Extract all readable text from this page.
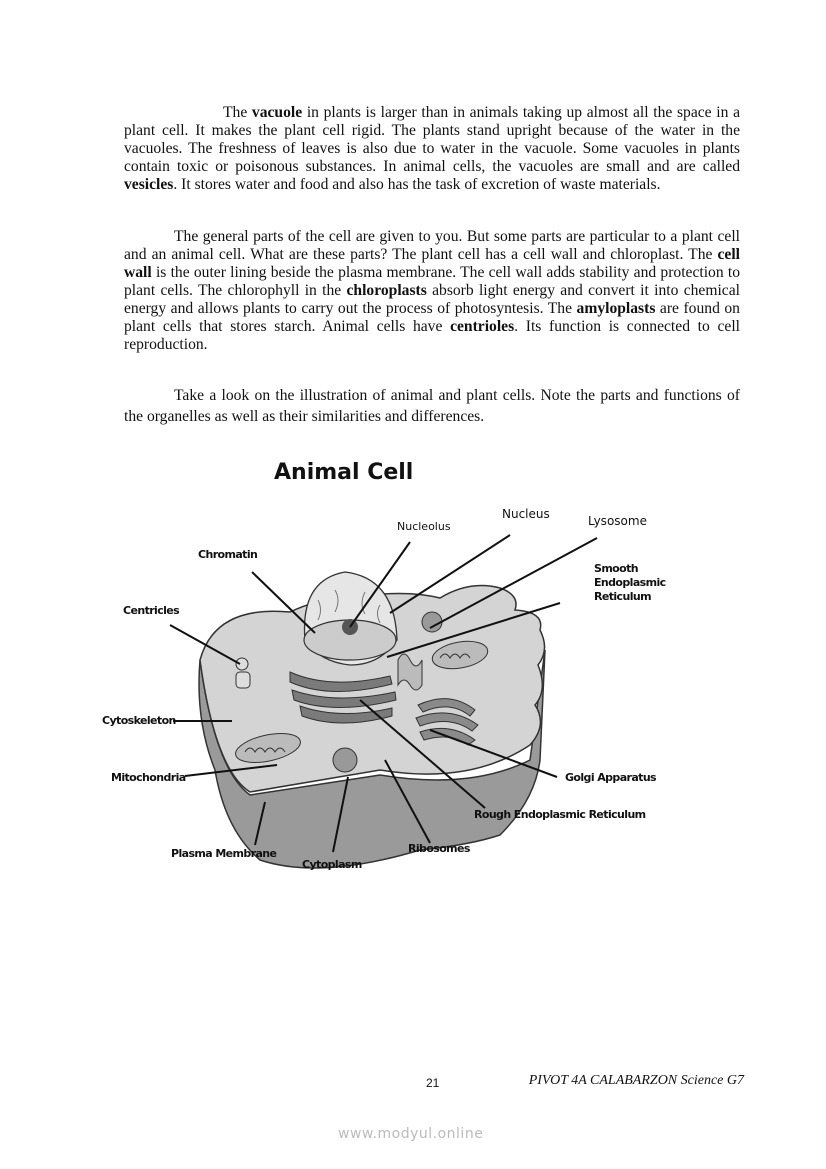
The vacuole in plants is larger than in animals taking up almost all the space in a plant cell. It makes the plant cell rigid. The plants stand upright because of the water in the vacuoles. The freshness of leaves is also due to water in the vacuole. Some vacuoles in plants contain toxic or poisonous substances. In animal cells, the vacuoles are small and are called vesicles. It stores water and food and also has the task of excretion of waste materials.

The general parts of the cell are given to you. But some parts are particular to a plant cell and an animal cell. What are these parts? The plant cell has a cell wall and chloroplast. The cell wall is the outer lining beside the plasma membrane. The cell wall adds stability and protection to plant cells. The chlorophyll in the chloroplasts absorb light energy and convert it into chemical energy and allows plants to carry out the process of photosyntesis. The amyloplasts are found on plant cells that stores starch. Animal cells have centrioles. Its function is connected to cell reproduction.

Take a look on the illustration of animal and plant cells. Note the parts and functions of the organelles as well as their similarities and differences.

Animal Cell
Nucleolus
Nucleus	Lysosome
Chromatin
Smooth
Endoplasmic
Reticulum
Centricles
Cytoskeleton
Mitochondria	Golgi Apparatus
Rough Endoplasmic Reticulum
Plasma Membrane	Ribosomes
Cytoplasm
21	PIVOT 4A CALABARZON Science G7
www.modyul.online
